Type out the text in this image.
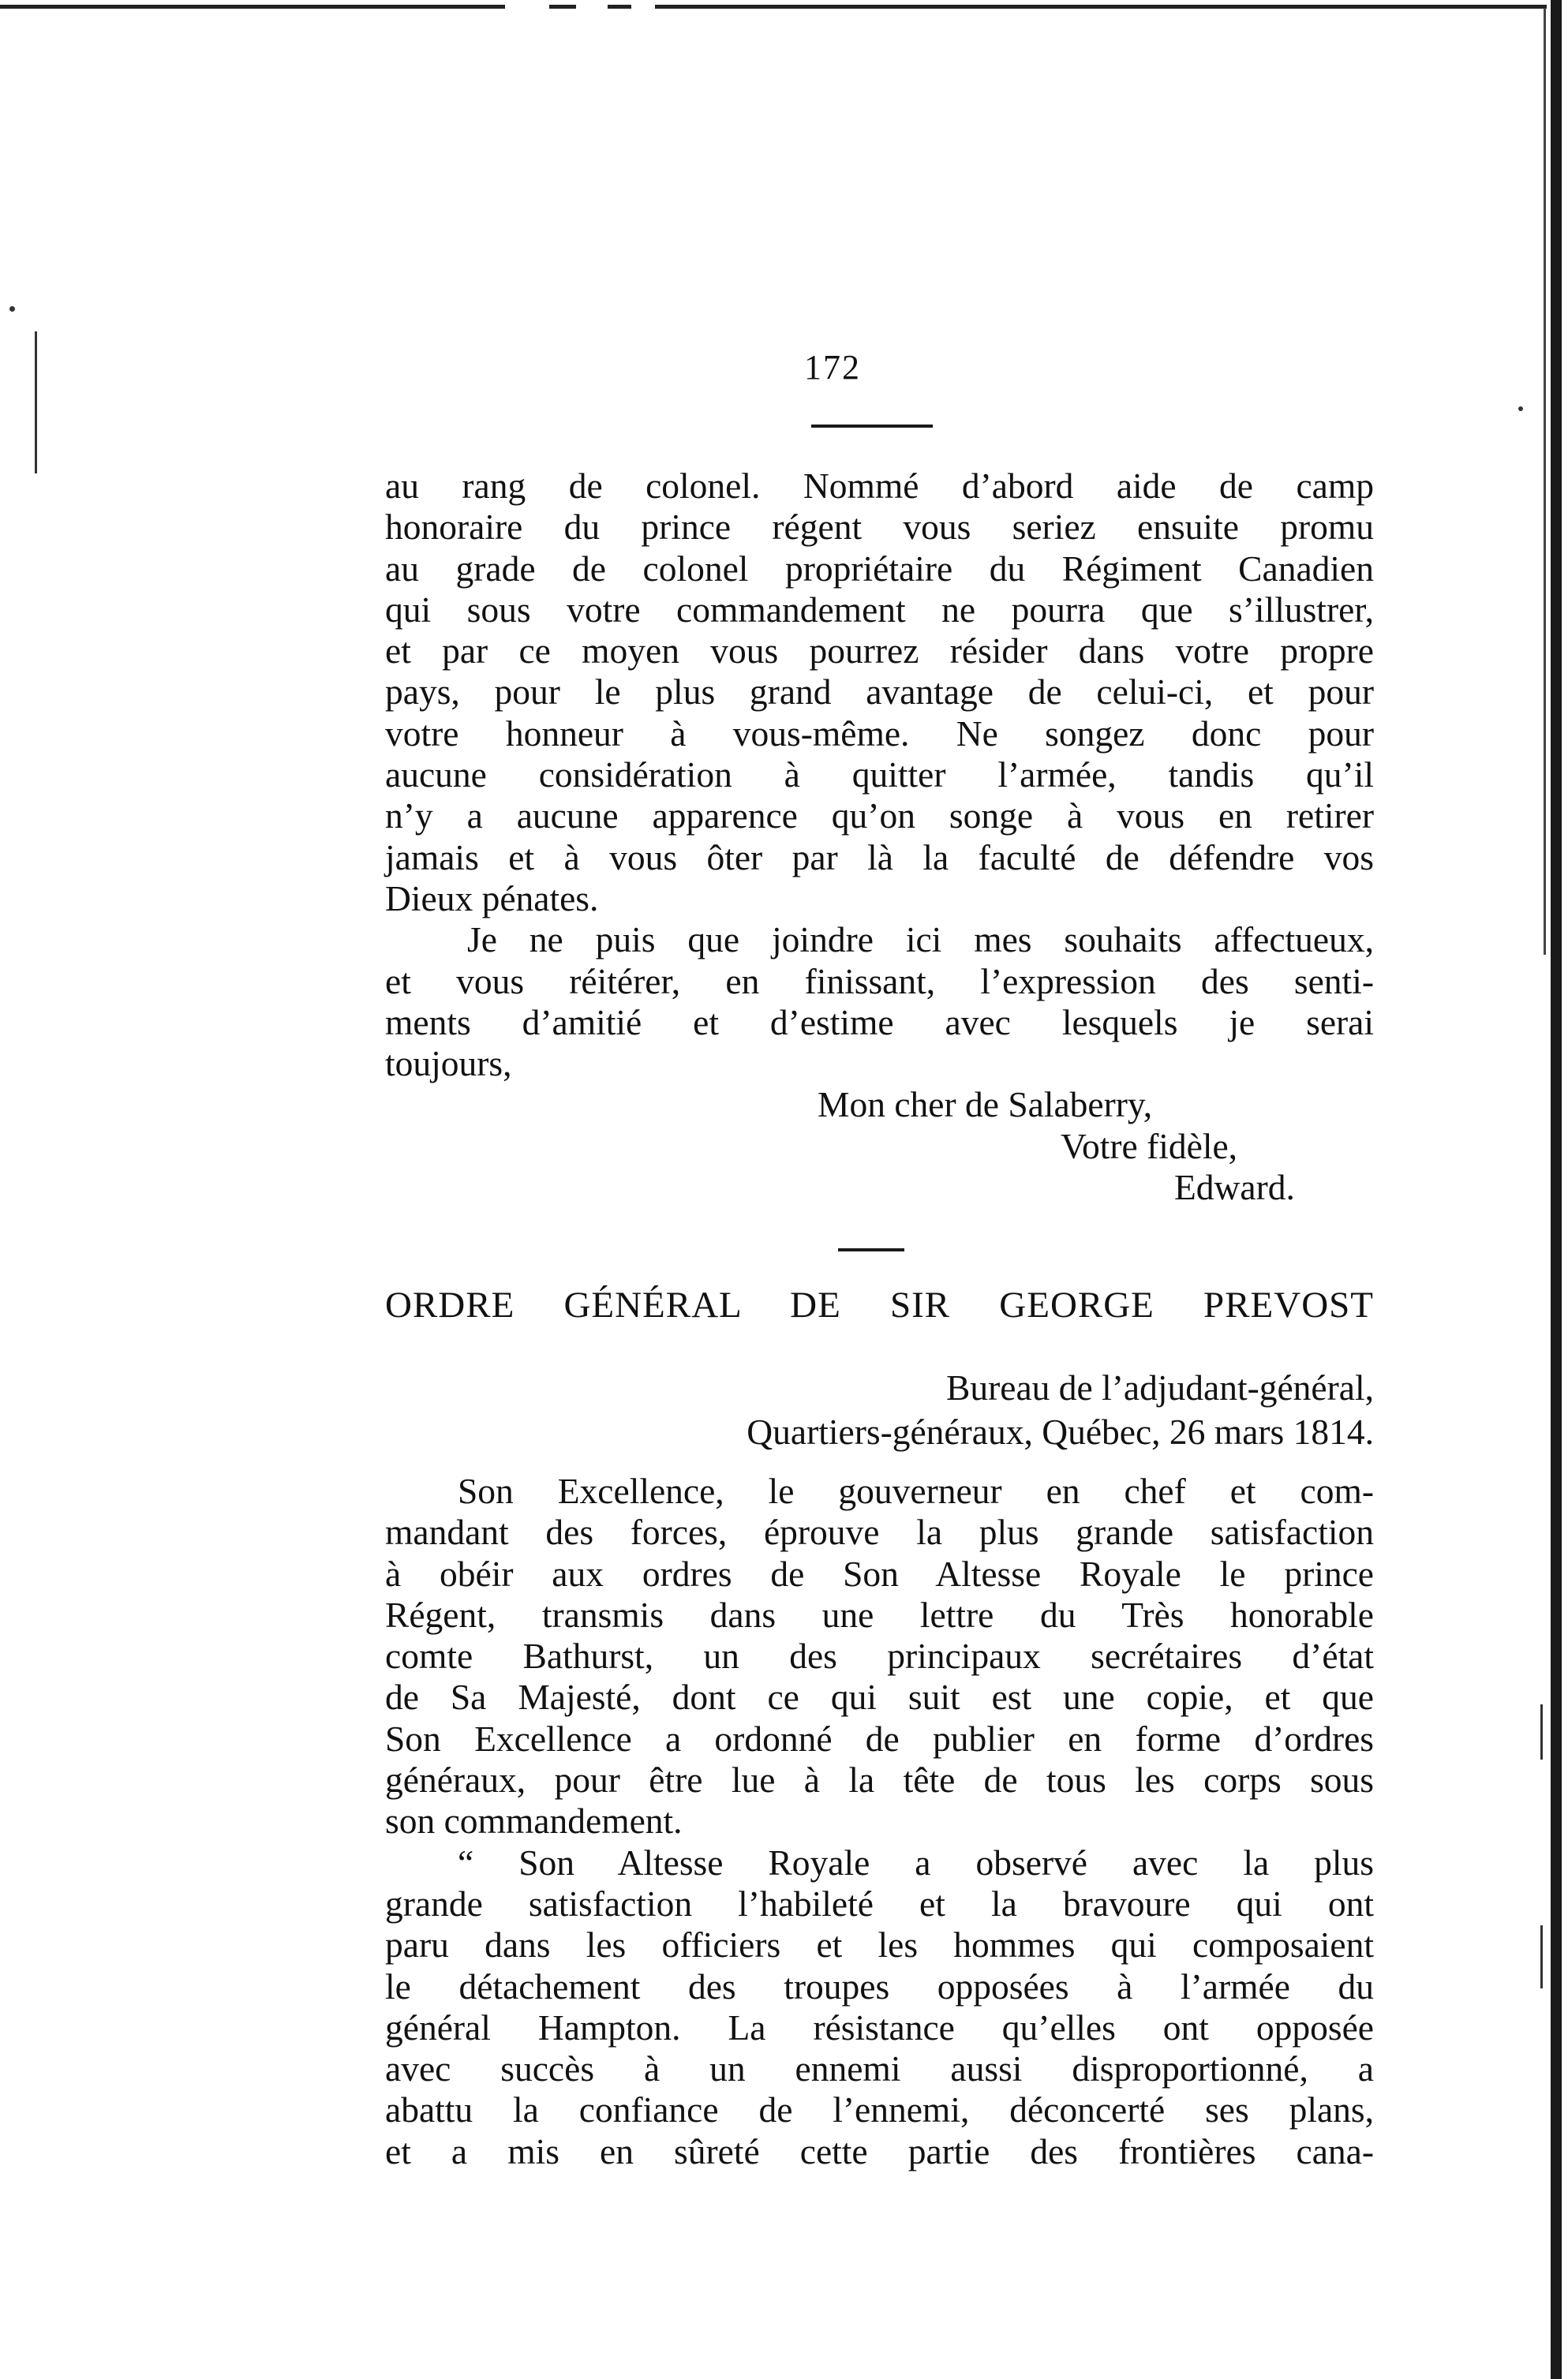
172
au rang de colonel. Nommé d’abord aide de camp
honoraire du prince régent vous seriez ensuite promu
au grade de colonel propriétaire du Régiment Canadien
qui sous votre commandement ne pourra que s’illustrer,
et par ce moyen vous pourrez résider dans votre propre
pays, pour le plus grand avantage de celui-ci, et pour
votre honneur à vous-même. Ne songez donc pour
aucune considération à quitter l’armée, tandis qu’il
n’y a aucune apparence qu’on songe à vous en retirer
jamais et à vous ôter par là la faculté de défendre vos
Dieux pénates.
Je ne puis que joindre ici mes souhaits affectueux,
et vous réitérer, en finissant, l’expression des senti-
ments d’amitié et d’estime avec lesquels je serai
toujours,
Mon cher de Salaberry,
Votre fidèle,
Edward.
ORDRE GÉNÉRAL DE SIR GEORGE PREVOST
Bureau de l’adjudant-général,
Quartiers-généraux, Québec, 26 mars 1814.
Son Excellence, le gouverneur en chef et com-
mandant des forces, éprouve la plus grande satisfaction
à obéir aux ordres de Son Altesse Royale le prince
Régent, transmis dans une lettre du Très honorable
comte Bathurst, un des principaux secrétaires d’état
de Sa Majesté, dont ce qui suit est une copie, et que
Son Excellence a ordonné de publier en forme d’ordres
généraux, pour être lue à la tête de tous les corps sous
son commandement.
“ Son Altesse Royale a observé avec la plus
grande satisfaction l’habileté et la bravoure qui ont
paru dans les officiers et les hommes qui composaient
le détachement des troupes opposées à l’armée du
général Hampton. La résistance qu’elles ont opposée
avec succès à un ennemi aussi disproportionné, a
abattu la confiance de l’ennemi, déconcerté ses plans,
et a mis en sûreté cette partie des frontières cana-
